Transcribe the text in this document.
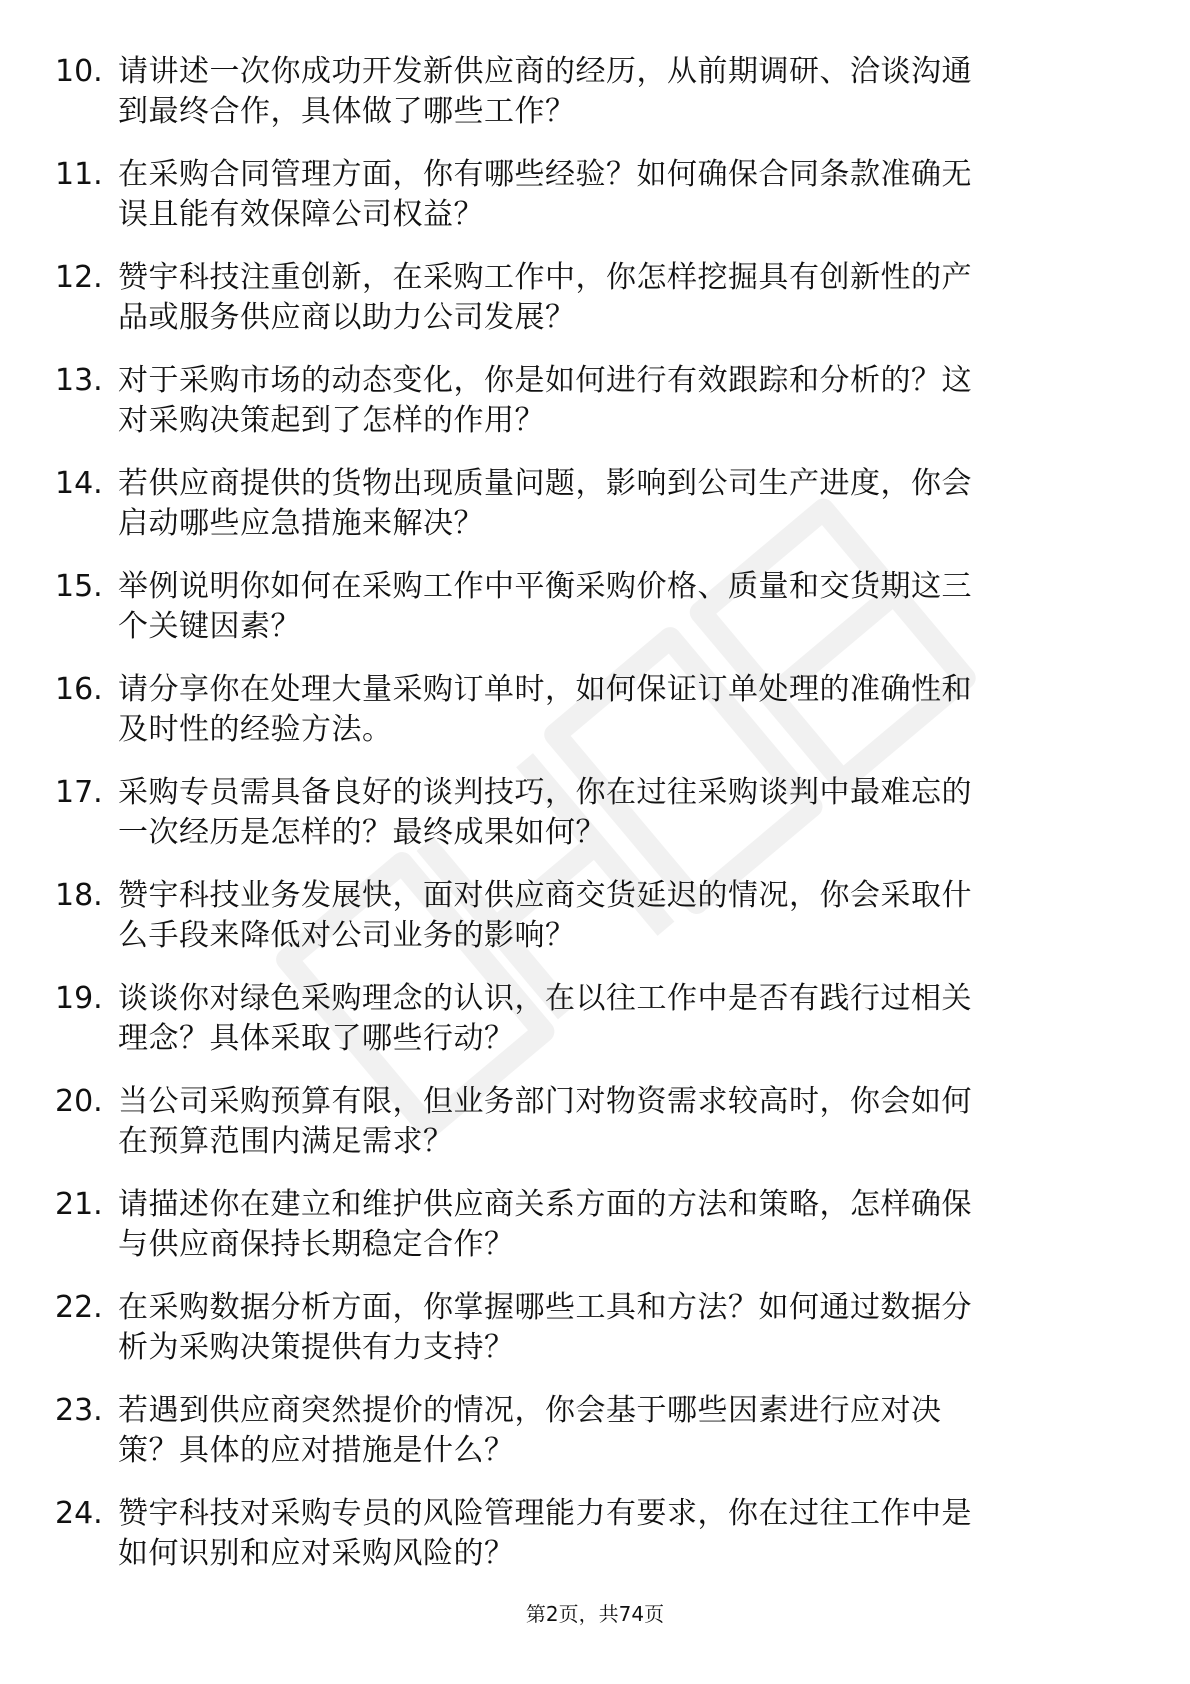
10. 请讲述一次你成功开发新供应商的经历，从前期调研、洽谈沟通
到最终合作，具体做了哪些工作？
11. 在采购合同管理方面，你有哪些经验？如何确保合同条款准确无
误且能有效保障公司权益？
12. 赞宇科技注重创新，在采购工作中，你怎样挖掘具有创新性的产
品或服务供应商以助力公司发展？
13. 对于采购市场的动态变化，你是如何进行有效跟踪和分析的？这
对采购决策起到了怎样的作用？
14. 若供应商提供的货物出现质量问题，影响到公司生产进度，你会
启动哪些应急措施来解决？
15. 举例说明你如何在采购工作中平衡采购价格、质量和交货期这三
个关键因素？
16. 请分享你在处理大量采购订单时，如何保证订单处理的准确性和
及时性的经验方法。
17. 采购专员需具备良好的谈判技巧，你在过往采购谈判中最难忘的
一次经历是怎样的？最终成果如何？
18. 赞宇科技业务发展快，面对供应商交货延迟的情况，你会采取什
么手段来降低对公司业务的影响？
19. 谈谈你对绿色采购理念的认识，在以往工作中是否有践行过相关
理念？具体采取了哪些行动？
20. 当公司采购预算有限，但业务部门对物资需求较高时，你会如何
在预算范围内满足需求？
21. 请描述你在建立和维护供应商关系方面的方法和策略，怎样确保
与供应商保持长期稳定合作？
22. 在采购数据分析方面，你掌握哪些工具和方法？如何通过数据分
析为采购决策提供有力支持？
23. 若遇到供应商突然提价的情况，你会基于哪些因素进行应对决
策？具体的应对措施是什么？
24. 赞宇科技对采购专员的风险管理能力有要求，你在过往工作中是
如何识别和应对采购风险的？
第2页，共74页
